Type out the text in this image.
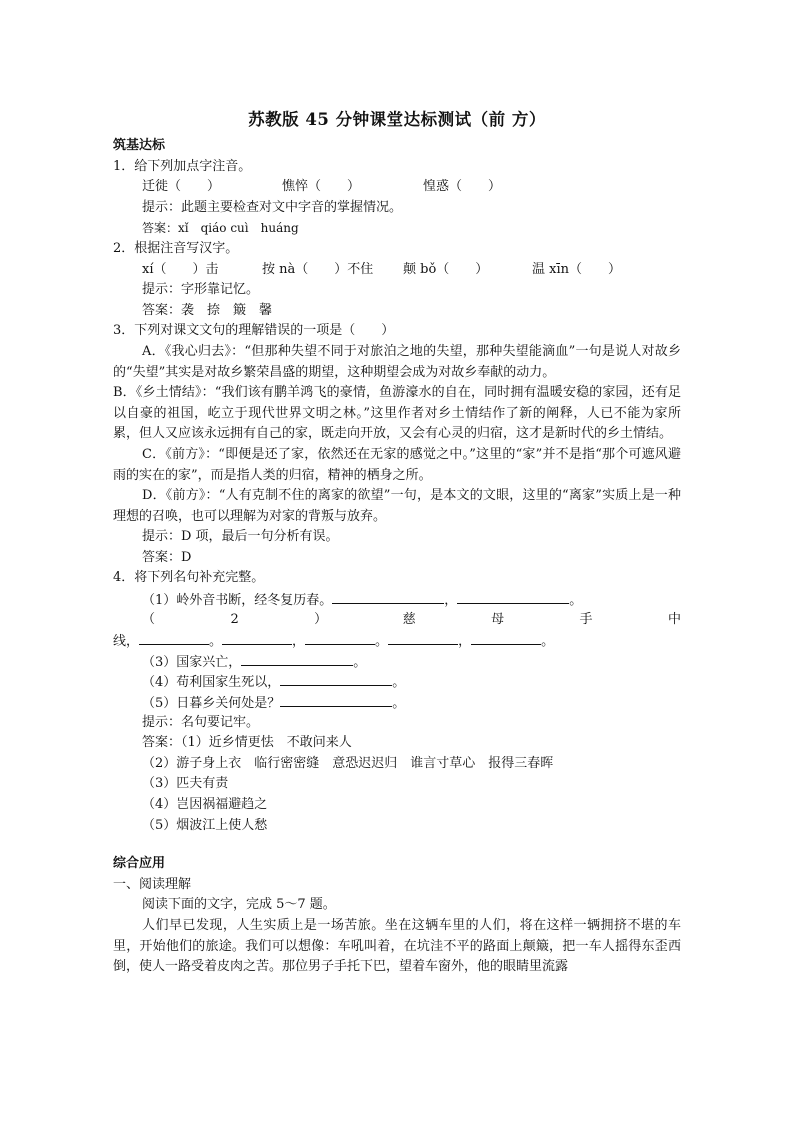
苏教版 45 分钟课堂达标测试（前 方）
筑基达标
1．给下列加点字注音。
迁徙（　　）	憔悴（　　）	惶惑（　　）
提示：此题主要检查对文中字音的掌握情况。
答案：xǐ　qiáo cuì　huáng
2．根据注音写汉字。
xí（　　）击	按 nà（　　）不住	颠 bǒ（　　）	温 xīn（　　）
提示：字形靠记忆。
答案：袭　捺　簸　馨
3．下列对课文文句的理解错误的一项是（　　）
A．《我心归去》：“但那种失望不同于对旅泊之地的失望，那种失望能滴血”一句是说人对故乡的“失望”其实是对故乡繁荣昌盛的期望，这种期望会成为对故乡奉献的动力。
B．《乡土情结》：“我们该有鹏羊鸿飞的豪情，鱼游濠水的自在，同时拥有温暖安稳的家园，还有足以自豪的祖国，屹立于现代世界文明之林。”这里作者对乡土情结作了新的阐释，人已不能为家所累，但人又应该永远拥有自己的家，既走向开放，又会有心灵的归宿，这才是新时代的乡土情结。
C．《前方》：“即便是还了家，依然还在无家的感觉之中。”这里的“家”并不是指“那个可遮风避雨的实在的家”，而是指人类的归宿，精神的栖身之所。
D．《前方》：“人有克制不住的离家的欲望”一句，是本文的文眼，这里的“离家”实质上是一种理想的召唤，也可以理解为对家的背叛与放弃。
提示：D 项，最后一句分析有误。
答案：D
4．将下列名句补充完整。
（1）岭外音书断，经冬复历春。	，	。
（	2	）	慈	母	手	中
线，	。	，	。	，	。
（3）国家兴亡，	。
（4）苟利国家生死以，	。
（5）日暮乡关何处是？	。
提示：名句要记牢。
答案：（1）近乡情更怯　不敢问来人
（2）游子身上衣　临行密密缝　意恐迟迟归　谁言寸草心　报得三春晖
（3）匹夫有责
（4）岂因祸福避趋之
（5）烟波江上使人愁
综合应用
一、阅读理解
阅读下面的文字，完成 5～7 题。
人们早已发现，人生实质上是一场苦旅。坐在这辆车里的人们，将在这样一辆拥挤不堪的车里，开始他们的旅途。我们可以想像：车吼叫着，在坑洼不平的路面上颠簸，把一车人摇得东歪西倒，使人一路受着皮肉之苦。那位男子手托下巴，望着车窗外，他的眼睛里流露
